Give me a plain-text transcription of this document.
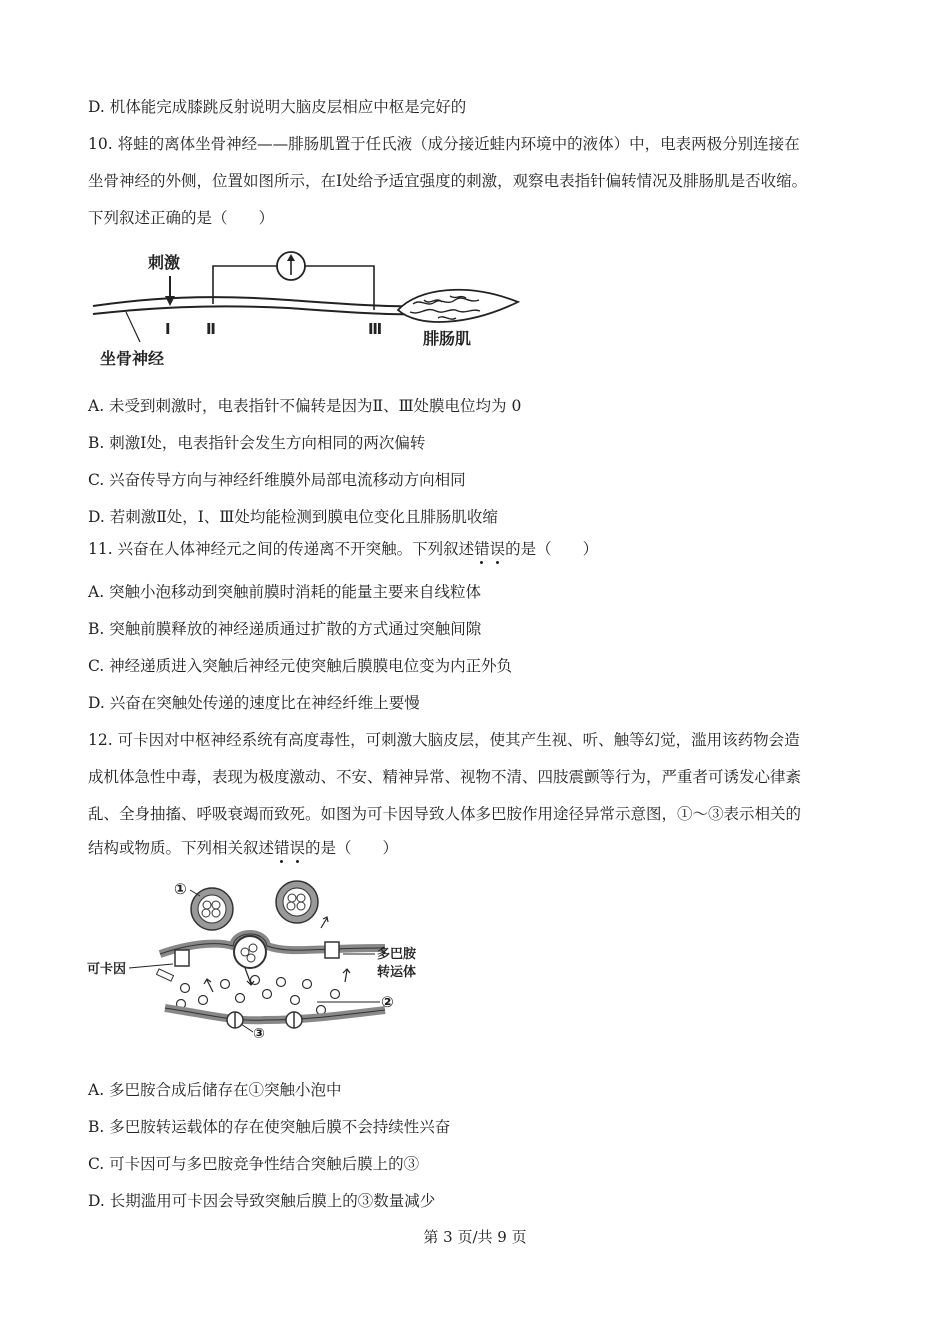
D. 机体能完成膝跳反射说明大脑皮层相应中枢是完好的
10. 将蛙的离体坐骨神经——腓肠肌置于任氏液（成分接近蛙内环境中的液体）中，电表两极分别连接在
坐骨神经的外侧，位置如图所示，在Ⅰ处给予适宜强度的刺激，观察电表指针偏转情况及腓肠肌是否收缩。
下列叙述正确的是（　　）
刺激
Ⅰ Ⅱ	Ⅲ	腓肠肌
坐骨神经
A. 未受到刺激时，电表指针不偏转是因为Ⅱ、Ⅲ处膜电位均为 0
B. 刺激Ⅰ处，电表指针会发生方向相同的两次偏转
C. 兴奋传导方向与神经纤维膜外局部电流移动方向相同
D. 若刺激Ⅱ处，Ⅰ、Ⅲ处均能检测到膜电位变化且腓肠肌收缩
11. 兴奋在人体神经元之间的传递离不开突触。下列叙述错误的是（　　）
A. 突触小泡移动到突触前膜时消耗的能量主要来自线粒体
B. 突触前膜释放的神经递质通过扩散的方式通过突触间隙
C. 神经递质进入突触后神经元使突触后膜膜电位变为内正外负
D. 兴奋在突触处传递的速度比在神经纤维上要慢
12. 可卡因对中枢神经系统有高度毒性，可刺激大脑皮层，使其产生视、听、触等幻觉，滥用该药物会造
成机体急性中毒，表现为极度激动、不安、精神异常、视物不清、四肢震颤等行为，严重者可诱发心律紊
乱、全身抽搐、呼吸衰竭而致死。如图为可卡因导致人体多巴胺作用途径异常示意图，①～③表示相关的
结构或物质。下列相关叙述错误的是（　　）
①
可卡因
多巴胺
转运体
②
③
A. 多巴胺合成后储存在①突触小泡中
B. 多巴胺转运载体的存在使突触后膜不会持续性兴奋
C. 可卡因可与多巴胺竞争性结合突触后膜上的③
D. 长期滥用可卡因会导致突触后膜上的③数量减少
第 3 页/共 9 页
